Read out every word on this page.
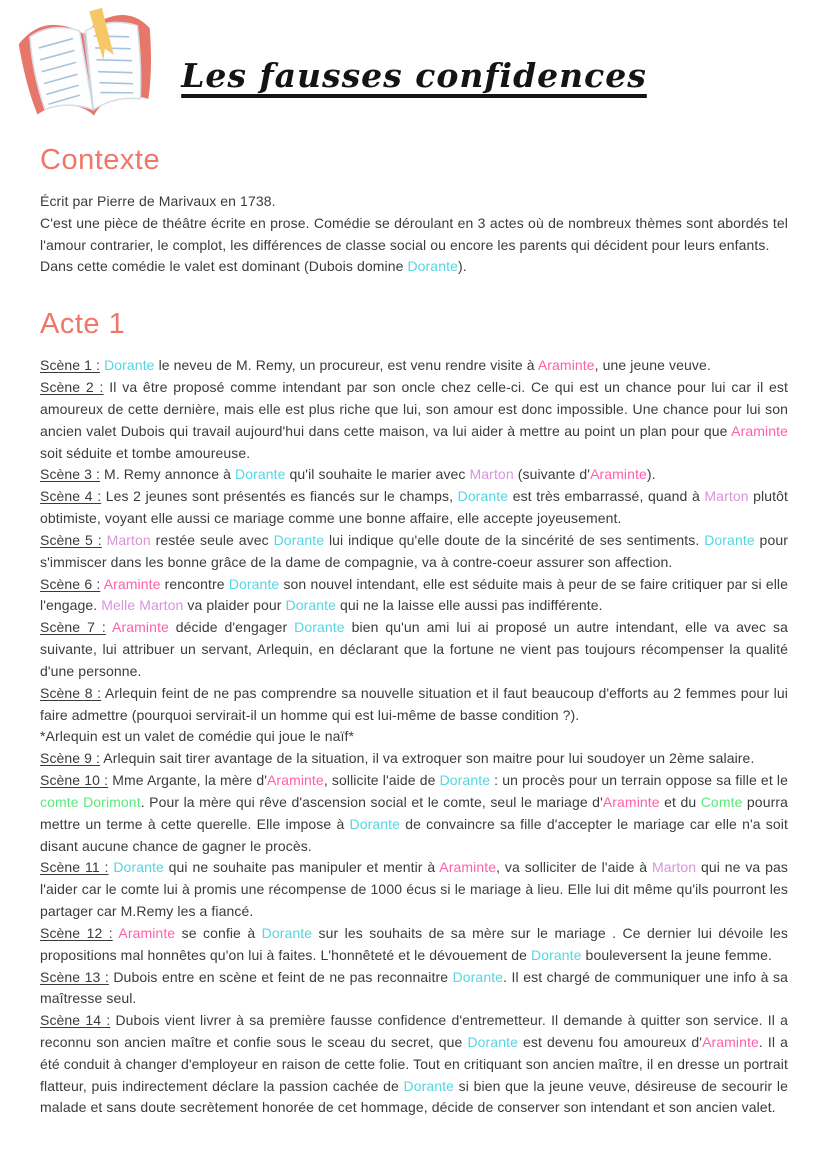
Les fausses confidences
Contexte

Écrit par Pierre de Marivaux en 1738.

C'est une pièce de théâtre écrite en prose. Comédie se déroulant en 3 actes où de nombreux thèmes sont abordés tel l'amour contrarier, le complot, les différences de classe social ou encore les parents qui décident pour leurs enfants.

Dans cette comédie le valet est dominant (Dubois domine Dorante).

Acte 1

Scène 1 : Dorante le neveu de M. Remy, un procureur, est venu rendre visite à Araminte, une jeune veuve.

Scène 2 : Il va être proposé comme intendant par son oncle chez celle-ci. Ce qui est un chance pour lui car il est amoureux de cette dernière, mais elle est plus riche que lui, son amour est donc impossible. Une chance pour lui son ancien valet Dubois qui travail aujourd'hui dans cette maison, va lui aider à mettre au point un plan pour que Araminte soit séduite et tombe amoureuse.

Scène 3 : M. Remy annonce à Dorante qu'il souhaite le marier avec Marton (suivante d'Araminte).

Scène 4 : Les 2 jeunes sont présentés es fiancés sur le champs, Dorante est très embarrassé, quand à Marton plutôt obtimiste, voyant elle aussi ce mariage comme une bonne affaire, elle accepte joyeusement.

Scène 5 : Marton restée seule avec Dorante lui indique qu'elle doute de la sincérité de ses sentiments. Dorante pour s'immiscer dans les bonne grâce de la dame de compagnie, va à contre-coeur assurer son affection.

Scène 6 : Araminte rencontre Dorante son nouvel intendant, elle est séduite mais à peur de se faire critiquer par si elle l'engage. Melle Marton va plaider pour Dorante qui ne la laisse elle aussi pas indifférente.

Scène 7 : Araminte décide d'engager Dorante bien qu'un ami lui ai proposé un autre intendant, elle va avec sa suivante, lui attribuer un servant, Arlequin, en déclarant que la fortune ne vient pas toujours récompenser la qualité d'une personne.

Scène 8 : Arlequin feint de ne pas comprendre sa nouvelle situation et il faut beaucoup d'efforts au 2 femmes pour lui faire admettre (pourquoi servirait-il un homme qui est lui-même de basse condition ?).

*Arlequin est un valet de comédie qui joue le naïf*

Scène 9 : Arlequin sait tirer avantage de la situation, il va extroquer son maitre pour lui soudoyer un 2ème salaire.

Scène 10 : Mme Argante, la mère d'Araminte, sollicite l'aide de Dorante : un procès pour un terrain oppose sa fille et le comte Dorimont. Pour la mère qui rêve d'ascension social et le comte, seul le mariage d'Araminte et du Comte pourra mettre un terme à cette querelle. Elle impose à Dorante de convaincre sa fille d'accepter le mariage car elle n'a soit disant aucune chance de gagner le procès.

Scène 11 : Dorante qui ne souhaite pas manipuler et mentir à Araminte, va solliciter de l'aide à Marton qui ne va pas l'aider car le comte lui à promis une récompense de 1000 écus si le mariage à lieu. Elle lui dit même qu'ils pourront les partager car M.Remy les a fiancé.

Scène 12 : Araminte se confie à Dorante sur les souhaits de sa mère sur le mariage . Ce dernier lui dévoile les propositions mal honnêtes qu'on lui à faites. L'honnêteté et le dévouement de Dorante bouleversent la jeune femme.

Scène 13 : Dubois entre en scène et feint de ne pas reconnaitre Dorante. Il est chargé de communiquer une info à sa maîtresse seul.

Scène 14 : Dubois vient livrer à sa première fausse confidence d'entremetteur. Il demande à quitter son service. Il a reconnu son ancien maître et confie sous le sceau du secret, que Dorante est devenu fou amoureux d'Araminte. Il a été conduit à changer d'employeur en raison de cette folie. Tout en critiquant son ancien maître, il en dresse un portrait flatteur, puis indirectement déclare la passion cachée de Dorante si bien que la jeune veuve, désireuse de secourir le malade et sans doute secrètement honorée de cet hommage, décide de conserver son intendant et son ancien valet.
